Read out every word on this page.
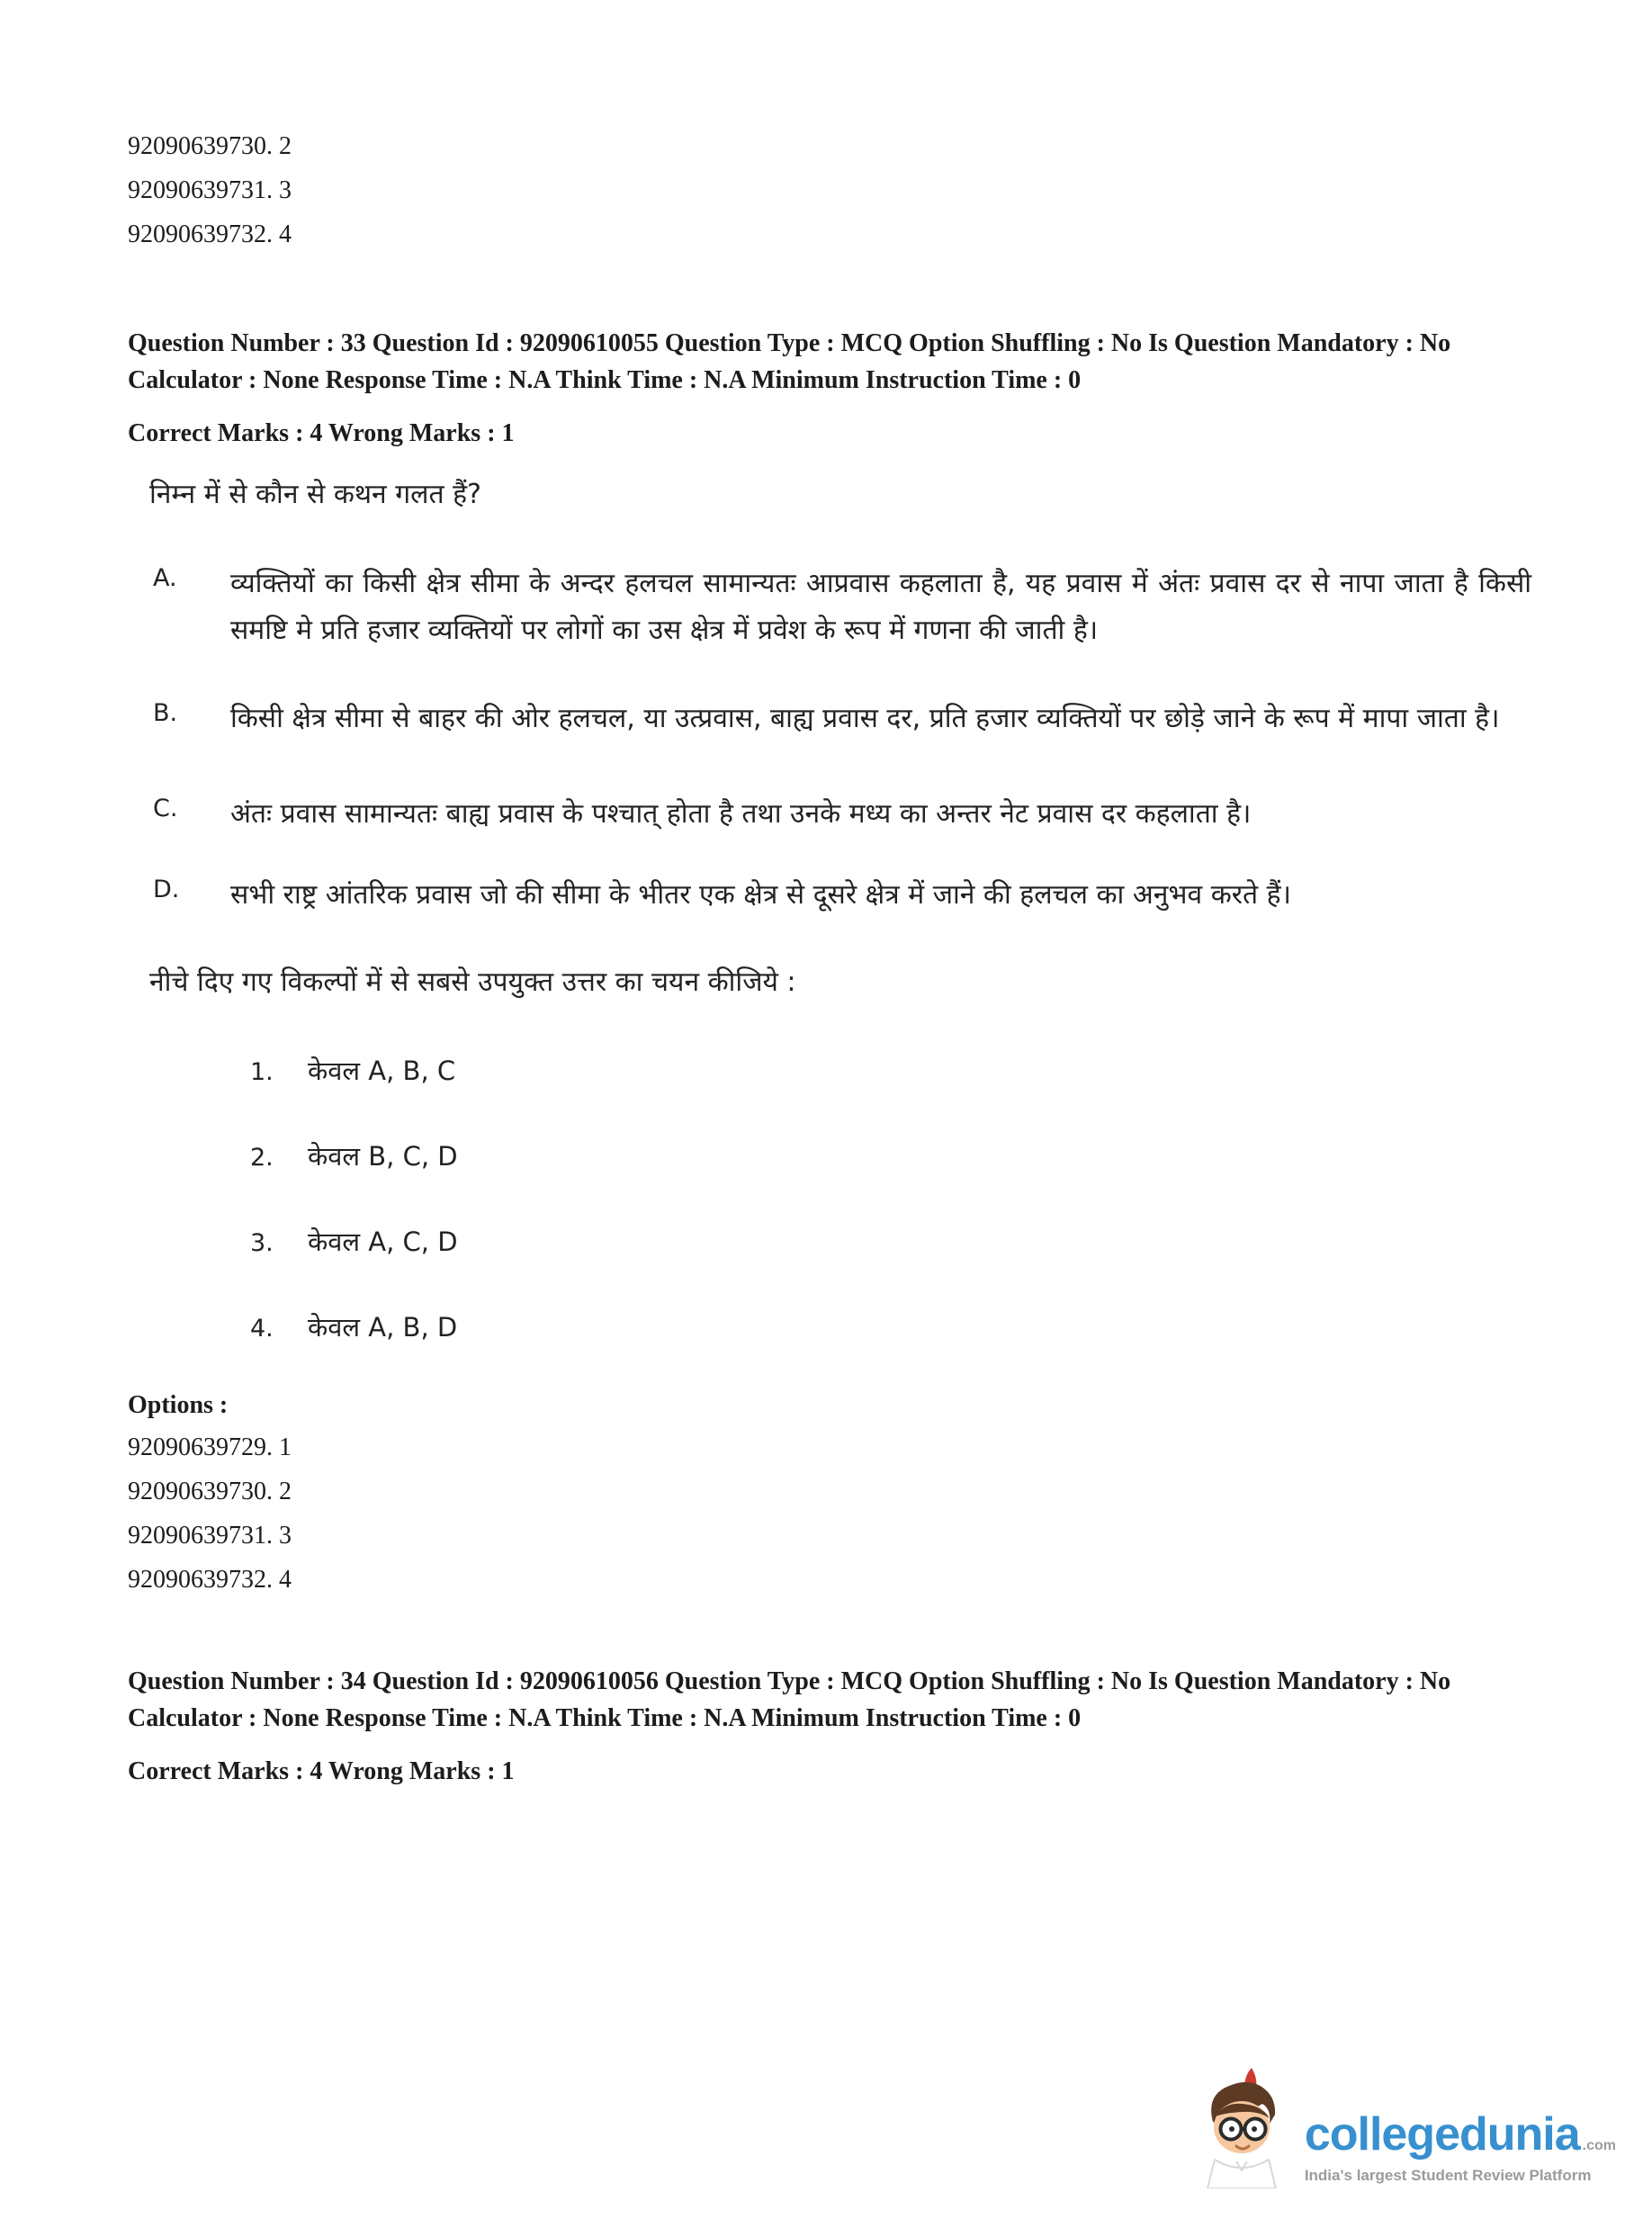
92090639730. 2
92090639731. 3
92090639732. 4
Question Number : 33 Question Id : 92090610055 Question Type : MCQ Option Shuffling : No Is Question Mandatory : No Calculator : None Response Time : N.A Think Time : N.A Minimum Instruction Time : 0
Correct Marks : 4 Wrong Marks : 1
निम्न में से कौन से कथन गलत हैं?
A.	व्यक्तियों का किसी क्षेत्र सीमा के अन्दर हलचल सामान्यतः आप्रवास कहलाता है, यह प्रवास में अंतः प्रवास दर से नापा जाता है किसी समष्टि मे प्रति हजार व्यक्तियों पर लोगों का उस क्षेत्र में प्रवेश के रूप में गणना की जाती है।
B.	किसी क्षेत्र सीमा से बाहर की ओर हलचल, या उत्प्रवास, बाह्य प्रवास दर, प्रति हजार व्यक्तियों पर छोड़े जाने के रूप में मापा जाता है।
C.	अंतः प्रवास सामान्यतः बाह्य प्रवास के पश्चात् होता है तथा उनके मध्य का अन्तर नेट प्रवास दर कहलाता है।
D.	सभी राष्ट्र आंतरिक प्रवास जो की सीमा के भीतर एक क्षेत्र से दूसरे क्षेत्र में जाने की हलचल का अनुभव करते हैं।
नीचे दिए गए विकल्पों में से सबसे उपयुक्त उत्तर का चयन कीजिये :
1.	केवल A, B, C
2.	केवल B, C, D
3.	केवल A, C, D
4.	केवल A, B, D
Options :
92090639729. 1
92090639730. 2
92090639731. 3
92090639732. 4
Question Number : 34 Question Id : 92090610056 Question Type : MCQ Option Shuffling : No Is Question Mandatory : No Calculator : None Response Time : N.A Think Time : N.A Minimum Instruction Time : 0
Correct Marks : 4 Wrong Marks : 1
collegedunia .com
India's largest Student Review Platform
